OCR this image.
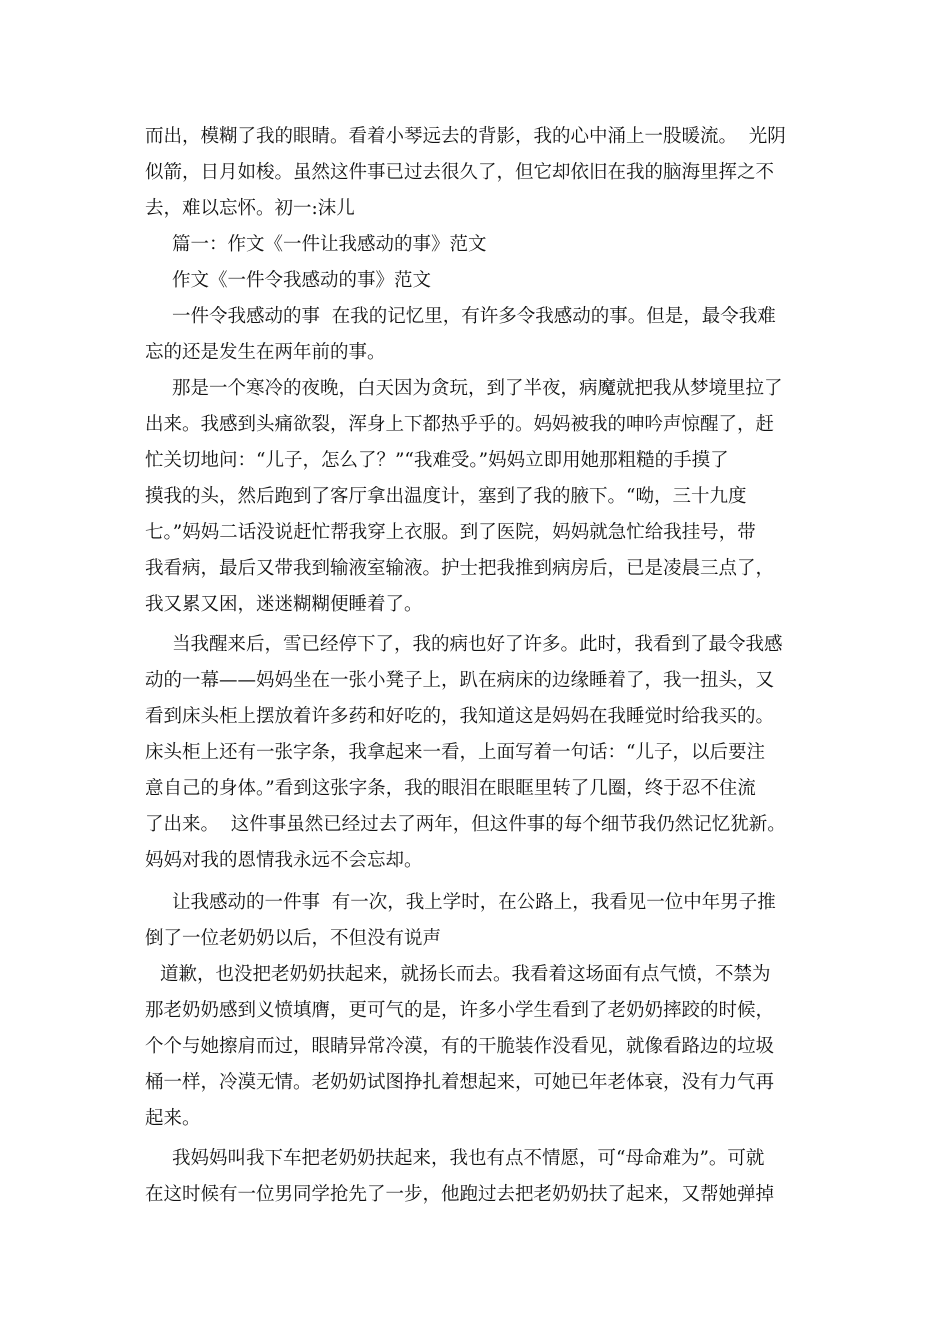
而出，模糊了我的眼睛。看着小琴远去的背影，我的心中涌上一股暖流。  光阴
似箭，日月如梭。虽然这件事已过去很久了，但它却依旧在我的脑海里挥之不
去，难以忘怀。初一:沫儿
篇一：作文《一件让我感动的事》范文
作文《一件令我感动的事》范文
一件令我感动的事  在我的记忆里，有许多令我感动的事。但是，最令我难
忘的还是发生在两年前的事。
那是一个寒冷的夜晚，白天因为贪玩，到了半夜，病魔就把我从梦境里拉了
出来。我感到头痛欲裂，浑身上下都热乎乎的。妈妈被我的呻吟声惊醒了，赶
忙关切地问：“儿子，怎么了？”“我难受。”妈妈立即用她那粗糙的手摸了
摸我的头，然后跑到了客厅拿出温度计，塞到了我的腋下。“呦，三十九度
七。”妈妈二话没说赶忙帮我穿上衣服。到了医院，妈妈就急忙给我挂号，带
我看病，最后又带我到输液室输液。护士把我推到病房后，已是凌晨三点了，
我又累又困，迷迷糊糊便睡着了。
当我醒来后，雪已经停下了，我的病也好了许多。此时，我看到了最令我感
动的一幕——妈妈坐在一张小凳子上，趴在病床的边缘睡着了，我一扭头，又
看到床头柜上摆放着许多药和好吃的，我知道这是妈妈在我睡觉时给我买的。
床头柜上还有一张字条，我拿起来一看，上面写着一句话：“儿子，以后要注
意自己的身体。”看到这张字条，我的眼泪在眼眶里转了几圈，终于忍不住流
了出来。  这件事虽然已经过去了两年，但这件事的每个细节我仍然记忆犹新。
妈妈对我的恩情我永远不会忘却。
让我感动的一件事  有一次，我上学时，在公路上，我看见一位中年男子推
倒了一位老奶奶以后，不但没有说声
道歉，也没把老奶奶扶起来，就扬长而去。我看着这场面有点气愤，不禁为
那老奶奶感到义愤填膺，更可气的是，许多小学生看到了老奶奶摔跤的时候，
个个与她擦肩而过，眼睛异常冷漠，有的干脆装作没看见，就像看路边的垃圾
桶一样，冷漠无情。老奶奶试图挣扎着想起来，可她已年老体衰，没有力气再
起来。
我妈妈叫我下车把老奶奶扶起来，我也有点不情愿，可“母命难为”。可就
在这时候有一位男同学抢先了一步，他跑过去把老奶奶扶了起来，又帮她弹掉
